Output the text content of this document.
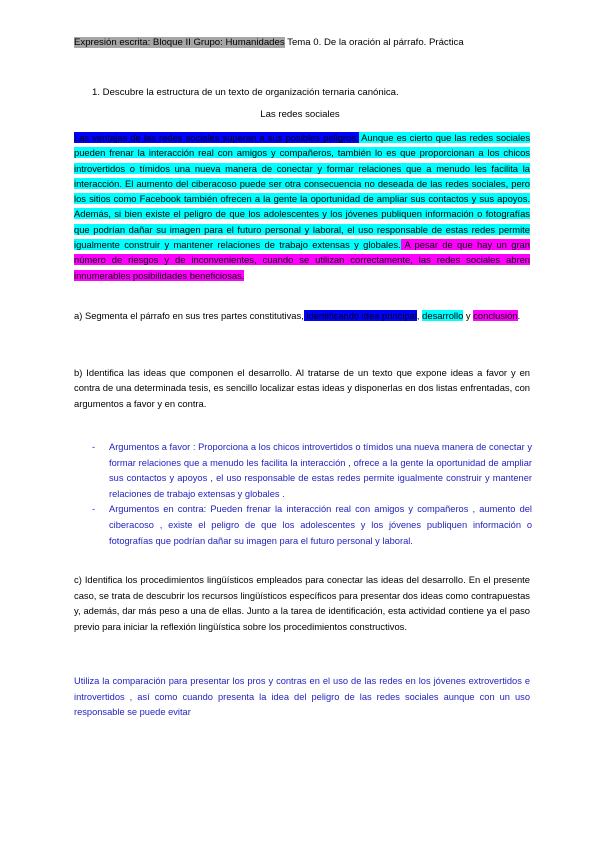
Expresión escrita: Bloque II Grupo: Humanidades Tema 0. De la oración al párrafo. Práctica
1. Descubre la estructura de un texto de organización ternaria canónica.
Las redes sociales
Las ventajas de las redes sociales superan a sus posibles peligros. Aunque es cierto que las redes sociales pueden frenar la interacción real con amigos y compañeros, también lo es que proporcionan a los chicos introvertidos o tímidos una nueva manera de conectar y formar relaciones que a menudo les facilita la interacción. El aumento del ciberacoso puede ser otra consecuencia no deseada de las redes sociales, pero los sitios como Facebook también ofrecen a la gente la oportunidad de ampliar sus contactos y sus apoyos. Además, si bien existe el peligro de que los adolescentes y los jóvenes publiquen información o fotografías que podrían dañar su imagen para el futuro personal y laboral, el uso responsable de estas redes permite igualmente construir y mantener relaciones de trabajo extensas y globales. A pesar de que hay un gran número de riesgos y de inconvenientes, cuando se utilizan correctamente, las redes sociales abren innumerables posibilidades beneficiosas.
a) Segmenta el párrafo en sus tres partes constitutivas, identificando idea principal, desarrollo y conclusión.
b) Identifica las ideas que componen el desarrollo. Al tratarse de un texto que expone ideas a favor y en contra de una determinada tesis, es sencillo localizar estas ideas y disponerlas en dos listas enfrentadas, con argumentos a favor y en contra.
- Argumentos a favor : Proporciona a los chicos introvertidos o tímidos una nueva manera de conectar y formar relaciones que a menudo les facilita la interacción , ofrece a la gente la oportunidad de ampliar sus contactos y apoyos , el uso responsable de estas redes permite igualmente construir y mantener relaciones de trabajo extensas y globales .
- Argumentos en contra: Pueden frenar la interacción real con amigos y compañeros , aumento del ciberacoso , existe el peligro de que los adolescentes y los jóvenes publiquen información o fotografías que podrían dañar su imagen para el futuro personal y laboral.
c) Identifica los procedimientos lingüísticos empleados para conectar las ideas del desarrollo. En el presente caso, se trata de descubrir los recursos lingüísticos específicos para presentar dos ideas como contrapuestas y, además, dar más peso a una de ellas. Junto a la tarea de identificación, esta actividad contiene ya el paso previo para iniciar la reflexión lingüística sobre los procedimientos constructivos.
Utiliza la comparación para presentar los pros y contras en el uso de las redes en los jóvenes extrovertidos e introvertidos , así como cuando presenta la idea del peligro de las redes sociales aunque con un uso responsable se puede evitar
